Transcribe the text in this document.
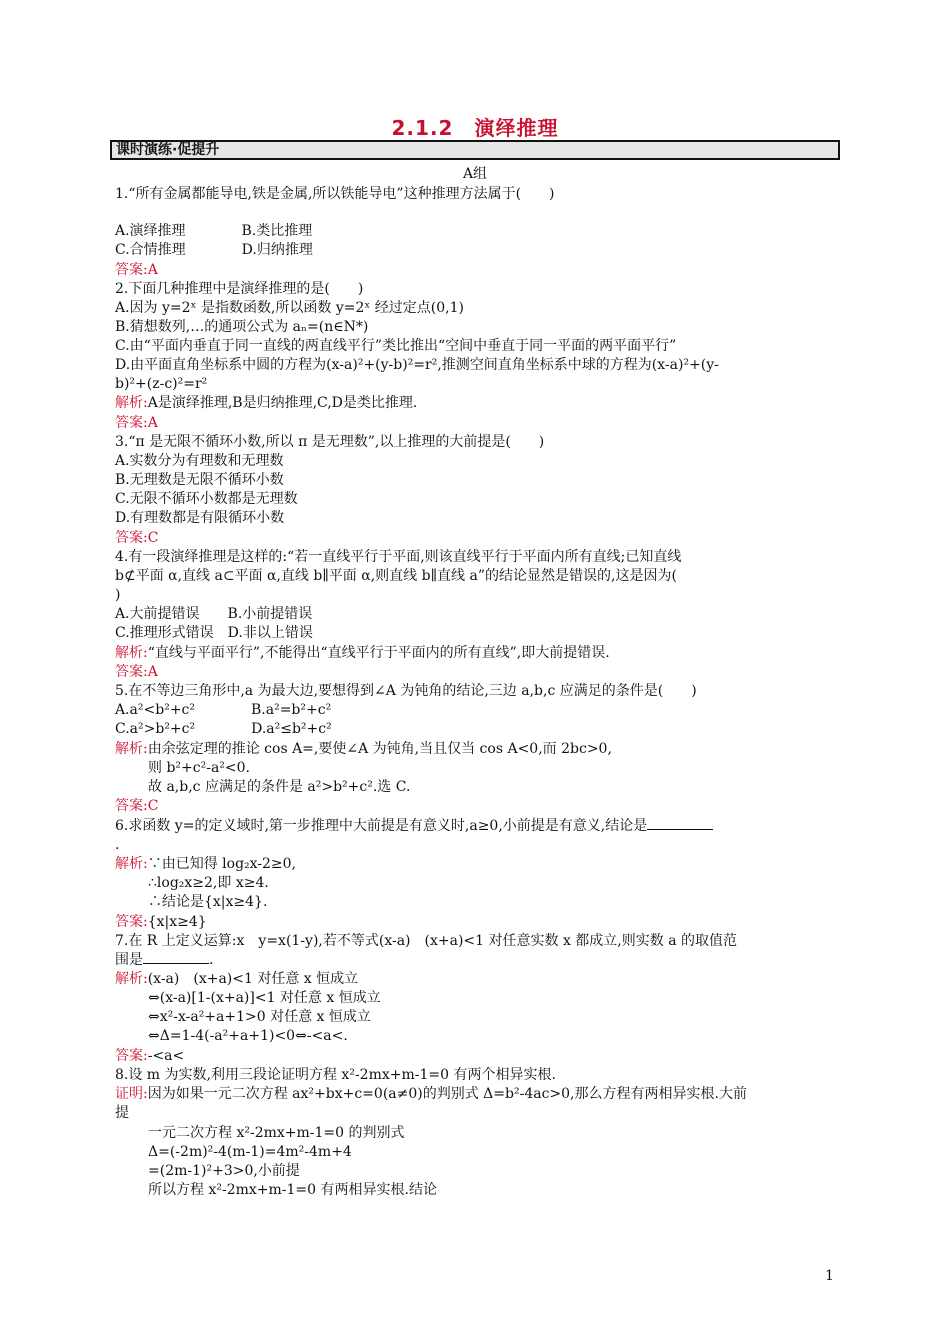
2.1.2　演绎推理
课时演练·促提升
A组
1.“所有金属都能导电,铁是金属,所以铁能导电”这种推理方法属于(　　)
A.演绎推理　　　　B.类比推理
C.合情推理　　　　D.归纳推理
答案:A
2.下面几种推理中是演绎推理的是(　　)
A.因为 y=2ˣ 是指数函数,所以函数 y=2ˣ 经过定点(0,1)
B.猜想数列,…的通项公式为 aₙ=(n∈N*)
C.由“平面内垂直于同一直线的两直线平行”类比推出“空间中垂直于同一平面的两平面平行”
D.由平面直角坐标系中圆的方程为(x-a)²+(y-b)²=r²,推测空间直角坐标系中球的方程为(x-a)²+(y-
b)²+(z-c)²=r²
解析:A是演绎推理,B是归纳推理,C,D是类比推理.
答案:A
3.“π 是无限不循环小数,所以 π 是无理数”,以上推理的大前提是(　　)
A.实数分为有理数和无理数
B.无理数是无限不循环小数
C.无限不循环小数都是无理数
D.有理数都是有限循环小数
答案:C
4.有一段演绎推理是这样的:“若一直线平行于平面,则该直线平行于平面内所有直线;已知直线
b⊄平面 α,直线 a⊂平面 α,直线 b∥平面 α,则直线 b∥直线 a”的结论显然是错误的,这是因为(
)
A.大前提错误　　B.小前提错误
C.推理形式错误　D.非以上错误
解析:“直线与平面平行”,不能得出“直线平行于平面内的所有直线”,即大前提错误.
答案:A
5.在不等边三角形中,a 为最大边,要想得到∠A 为钝角的结论,三边 a,b,c 应满足的条件是(　　)
A.a²<b²+c²　　　　B.a²=b²+c²
C.a²>b²+c²　　　　D.a²≤b²+c²
解析:由余弦定理的推论 cos A=,要使∠A 为钝角,当且仅当 cos A<0,而 2bc>0,
则 b²+c²-a²<0.
故 a,b,c 应满足的条件是 a²>b²+c².选 C.
答案:C
6.求函数 y=的定义域时,第一步推理中大前提是有意义时,a≥0,小前提是有意义,结论是
.
解析:∵由已知得 log₂x-2≥0,
∴log₂x≥2,即 x≥4.
∴结论是{x|x≥4}.
答案:{x|x≥4}
7.在 R 上定义运算:x　y=x(1-y),若不等式(x-a)　(x+a)<1 对任意实数 x 都成立,则实数 a 的取值范
围是	.
解析:(x-a)　(x+a)<1 对任意 x 恒成立
⇔(x-a)[1-(x+a)]<1 对任意 x 恒成立
⇔x²-x-a²+a+1>0 对任意 x 恒成立
⇔Δ=1-4(-a²+a+1)<0⇔-<a<.
答案:-<a<
8.设 m 为实数,利用三段论证明方程 x²-2mx+m-1=0 有两个相异实根.
证明:因为如果一元二次方程 ax²+bx+c=0(a≠0)的判别式 Δ=b²-4ac>0,那么方程有两相异实根.大前
提
一元二次方程 x²-2mx+m-1=0 的判别式
Δ=(-2m)²-4(m-1)=4m²-4m+4
=(2m-1)²+3>0,小前提
所以方程 x²-2mx+m-1=0 有两相异实根.结论
1
